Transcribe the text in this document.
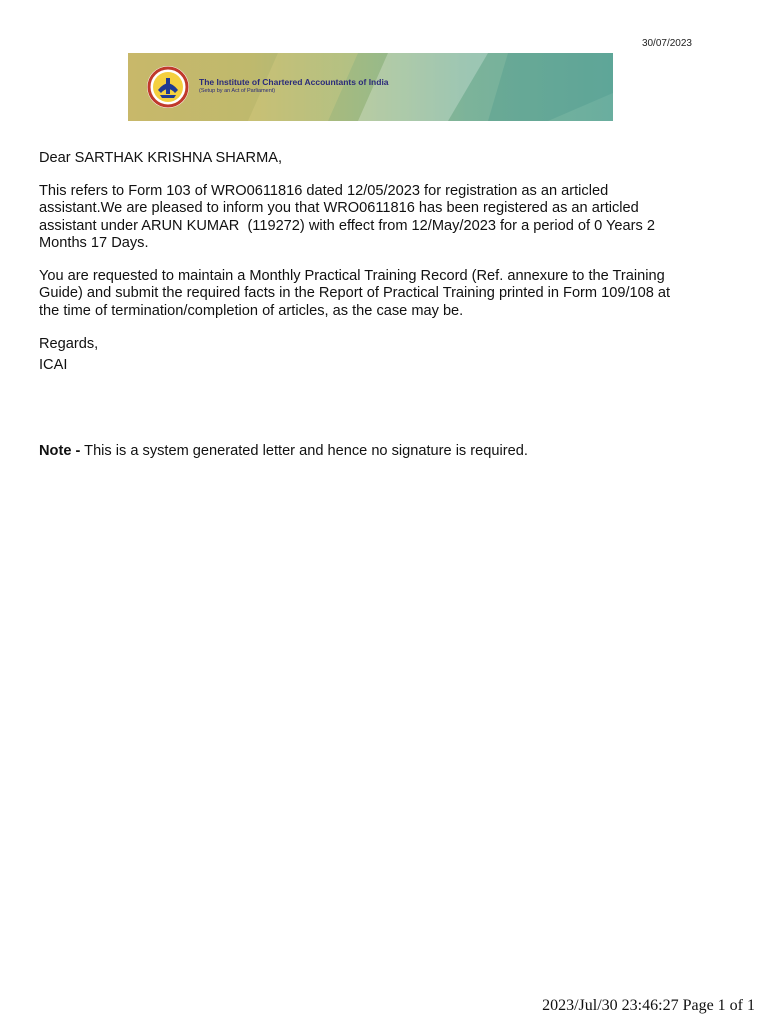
30/07/2023
The Institute of Chartered Accountants of India
(Setup by an Act of Parliament)

Dear SARTHAK KRISHNA SHARMA,

This refers to Form 103 of WRO0611816 dated 12/05/2023 for registration as an articled
assistant.We are pleased to inform you that WRO0611816 has been registered as an articled
assistant under ARUN KUMAR  (119272) with effect from 12/May/2023 for a period of 0 Years 2
Months 17 Days.
You are requested to maintain a Monthly Practical Training Record (Ref. annexure to the Training
Guide) and submit the required facts in the Report of Practical Training printed in Form 109/108 at
the time of termination/completion of articles, as the case may be.
Regards,
ICAI
Note - This is a system generated letter and hence no signature is required.
2023/Jul/30 23:46:27 Page 1 of 1
